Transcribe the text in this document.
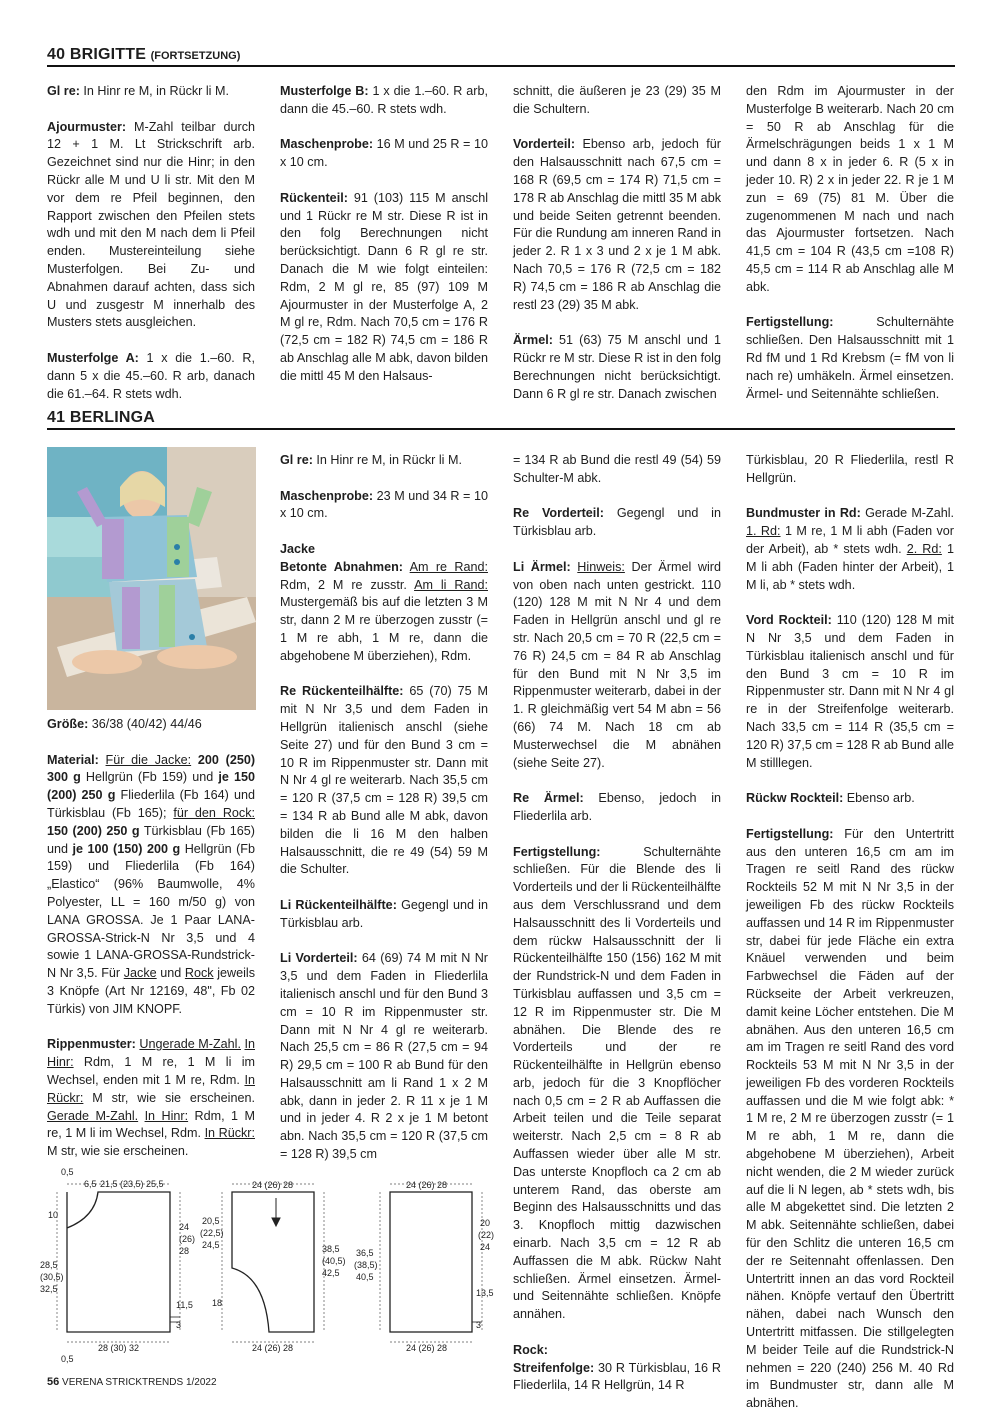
40 BRIGITTE (FORTSETZUNG)

Gl re: In Hinr re M, in Rückr li M.

Ajourmuster: M-Zahl teilbar durch 12 + 1 M. Lt Strickschrift arb. Gezeichnet sind nur die Hinr; in den Rückr alle M und U li str. Mit den M vor dem re Pfeil beginnen, den Rapport zwischen den Pfeilen stets wdh und mit den M nach dem li Pfeil enden. Mustereinteilung siehe Musterfolgen. Bei Zu- und Abnahmen darauf achten, dass sich U und zusgestr M innerhalb des Musters stets ausgleichen.

Musterfolge A: 1 x die 1.–60. R, dann 5 x die 45.–60. R arb, danach die 61.–64. R stets wdh.

Musterfolge B: 1 x die 1.–60. R arb, dann die 45.–60. R stets wdh.

Maschenprobe: 16 M und 25 R = 10 x 10 cm.

Rückenteil: 91 (103) 115 M anschl und 1 Rückr re M str. Diese R ist in den folg Berechnungen nicht berücksichtigt. Dann 6 R gl re str. Danach die M wie folgt einteilen: Rdm, 2 M gl re, 85 (97) 109 M Ajourmuster in der Musterfolge A, 2 M gl re, Rdm. Nach 70,5 cm = 176 R (72,5 cm = 182 R) 74,5 cm = 186 R ab Anschlag alle M abk, davon bilden die mittl 45 M den Halsaus-

schnitt, die äußeren je 23 (29) 35 M die Schultern.

Vorderteil: Ebenso arb, jedoch für den Halsausschnitt nach 67,5 cm = 168 R (69,5 cm = 174 R) 71,5 cm = 178 R ab Anschlag die mittl 35 M abk und beide Seiten getrennt beenden. Für die Rundung am inneren Rand in jeder 2. R 1 x 3 und 2 x je 1 M abk. Nach 70,5 = 176 R (72,5 cm = 182 R) 74,5 cm = 186 R ab Anschlag die restl 23 (29) 35 M abk.

Ärmel: 51 (63) 75 M anschl und 1 Rückr re M str. Diese R ist in den folg Berechnungen nicht berücksichtigt. Dann 6 R gl re str. Danach zwischen

den Rdm im Ajourmuster in der Musterfolge B weiterarb. Nach 20 cm = 50 R ab Anschlag für die Ärmelschrägungen beids 1 x 1 M und dann 8 x in jeder 6. R (5 x in jeder 10. R) 2 x in jeder 22. R je 1 M zun = 69 (75) 81 M. Über die zugenommenen M nach und nach das Ajourmuster fortsetzen. Nach 41,5 cm = 104 R (43,5 cm =108 R) 45,5 cm = 114 R ab Anschlag alle M abk.

Fertigstellung: Schulternähte schließen. Den Halsausschnitt mit 1 Rd fM und 1 Rd Krebsm (= fM von li nach re) umhäkeln. Ärmel einsetzen. Ärmel- und Seitennähte schließen.

41 BERLINGA

Größe: 36/38 (40/42) 44/46

Material: Für die Jacke: 200 (250) 300 g Hellgrün (Fb 159) und je 150 (200) 250 g Fliederlila (Fb 164) und Türkisblau (Fb 165); für den Rock: 150 (200) 250 g Türkisblau (Fb 165) und je 100 (150) 200 g Hellgrün (Fb 159) und Fliederlila (Fb 164) „Elastico“ (96% Baumwolle, 4% Polyester, LL = 160 m/50 g) von LANA GROSSA. Je 1 Paar LANA-GROSSA-Strick-N Nr 3,5 und 4 sowie 1 LANA-GROSSA-Rundstrick-N Nr 3,5. Für Jacke und Rock jeweils 3 Knöpfe (Art Nr 12169, 48", Fb 02 Türkis) von JIM KNOPF.

Rippenmuster: Ungerade M-Zahl. In Hinr: Rdm, 1 M re, 1 M li im Wechsel, enden mit 1 M re, Rdm. In Rückr: M str, wie sie erscheinen. Gerade M-Zahl. In Hinr: Rdm, 1 M re, 1 M li im Wechsel, Rdm. In Rückr: M str, wie sie erscheinen.

Gl re: In Hinr re M, in Rückr li M.

Maschenprobe: 23 M und 34 R = 10 x 10 cm.

Jacke
Betonte Abnahmen: Am re Rand: Rdm, 2 M re zusstr. Am li Rand: Mustergemäß bis auf die letzten 3 M str, dann 2 M re überzogen zusstr (= 1 M re abh, 1 M re, dann die abgehobene M überziehen), Rdm.

Re Rückenteilhälfte: 65 (70) 75 M mit N Nr 3,5 und dem Faden in Hellgrün italienisch anschl (siehe Seite 27) und für den Bund 3 cm = 10 R im Rippenmuster str. Dann mit N Nr 4 gl re weiterarb. Nach 35,5 cm = 120 R (37,5 cm = 128 R) 39,5 cm = 134 R ab Bund alle M abk, davon bilden die li 16 M den halben Halsausschnitt, die re 49 (54) 59 M die Schulter.

Li Rückenteilhälfte: Gegengl und in Türkisblau arb.

Li Vorderteil: 64 (69) 74 M mit N Nr 3,5 und dem Faden in Fliederlila italienisch anschl und für den Bund 3 cm = 10 R im Rippenmuster str. Dann mit N Nr 4 gl re weiterarb. Nach 25,5 cm = 86 R (27,5 cm = 94 R) 29,5 cm = 100 R ab Bund für den Halsausschnitt am li Rand 1 x 2 M abk, dann in jeder 2. R 11 x je 1 M und in jeder 4. R 2 x je 1 M betont abn. Nach 35,5 cm = 120 R (37,5 cm = 128 R) 39,5 cm

= 134 R ab Bund die restl 49 (54) 59 Schulter-M abk.

Re Vorderteil: Gegengl und in Türkisblau arb.

Li Ärmel: Hinweis: Der Ärmel wird von oben nach unten gestrickt. 110 (120) 128 M mit N Nr 4 und dem Faden in Hellgrün anschl und gl re str. Nach 20,5 cm = 70 R (22,5 cm = 76 R) 24,5 cm = 84 R ab Anschlag für den Bund mit N Nr 3,5 im Rippenmuster weiterarb, dabei in der 1. R gleichmäßig vert 54 M abn = 56 (66) 74 M. Nach 18 cm ab Musterwechsel die M abnähen (siehe Seite 27).

Re Ärmel: Ebenso, jedoch in Fliederlila arb.

Fertigstellung: Schulternähte schließen. Für die Blende des li Vorderteils und der li Rückenteilhälfte aus dem Verschlussrand und dem Halsausschnitt des li Vorderteils und dem rückw Halsausschnitt der li Rückenteilhälfte 150 (156) 162 M mit der Rundstrick-N und dem Faden in Türkisblau auffassen und 3,5 cm = 12 R im Rippenmuster str. Die M abnähen. Die Blende des re Vorderteils und der re Rückenteilhälfte in Hellgrün ebenso arb, jedoch für die 3 Knopflöcher nach 0,5 cm = 2 R ab Auffassen die Arbeit teilen und die Teile separat weiterstr. Nach 2,5 cm = 8 R ab Auffassen wieder über alle M str. Das unterste Knopfloch ca 2 cm ab unterem Rand, das oberste am Beginn des Halsausschnitts und das 3. Knopfloch mittig dazwischen einarb. Nach 3,5 cm = 12 R ab Auffassen die M abk. Rückw Naht schließen. Ärmel einsetzen. Ärmel- und Seitennähte schließen. Knöpfe annähen.

Rock:
Streifenfolge: 30 R Türkisblau, 16 R Fliederlila, 14 R Hellgrün, 14 R

Türkisblau, 20 R Fliederlila, restl R Hellgrün.

Bundmuster in Rd: Gerade M-Zahl. 1. Rd: 1 M re, 1 M li abh (Faden vor der Arbeit), ab * stets wdh. 2. Rd: 1 M li abh (Faden hinter der Arbeit), 1 M li, ab * stets wdh.

Vord Rockteil: 110 (120) 128 M mit N Nr 3,5 und dem Faden in Türkisblau italienisch anschl und für den Bund 3 cm = 10 R im Rippenmuster str. Dann mit N Nr 4 gl re in der Streifenfolge weiterarb. Nach 33,5 cm = 114 R (35,5 cm = 120 R) 37,5 cm = 128 R ab Bund alle M stilllegen.

Rückw Rockteil: Ebenso arb.

Fertigstellung: Für den Untertritt aus den unteren 16,5 cm am im Tragen re seitl Rand des rückw Rockteils 52 M mit N Nr 3,5 in der jeweiligen Fb des rückw Rockteils auffassen und 14 R im Rippenmuster str, dabei für jede Fläche ein extra Knäuel verwenden und beim Farbwechsel die Fäden auf der Rückseite der Arbeit verkreuzen, damit keine Löcher entstehen. Die M abnähen. Aus den unteren 16,5 cm am im Tragen re seitl Rand des vord Rockteils 53 M mit N Nr 3,5 in der jeweiligen Fb des vorderen Rockteils auffassen und die M wie folgt abk: * 1 M re, 2 M re überzogen zusstr (= 1 M re abh, 1 M re, dann die abgehobene M überziehen), Arbeit nicht wenden, die 2 M wieder zurück auf die li N legen, ab * stets wdh, bis alle M abgekettet sind. Die letzten 2 M abk. Seitennähte schließen, dabei für den Schlitz die unteren 16,5 cm der re Seitennaht offenlassen. Den Untertritt innen an das vord Rockteil nähen. Knöpfe vertauf den Übertritt nähen, dabei nach Wunsch den Untertritt mitfassen. Die stillgelegten M beider Teile auf die Rundstrick-N nehmen = 220 (240) 256 M. 40 Rd im Bundmuster str, dann alle M abnähen.

0,5
6,5 21,5 (23,5) 25,5
10
28,5
(30,5)
32,5
24
(26)
28
11,5
3
28 (30) 32
0,5
24 (26) 28
20,5
(22,5)
24,5
18
38,5
(40,5)
42,5
24 (26) 28
24 (26) 28
36,5
(38,5)
40,5
20
(22)
24
13,5
3
24 (26) 28
56 VERENA STRICKTRENDS 1/2022
